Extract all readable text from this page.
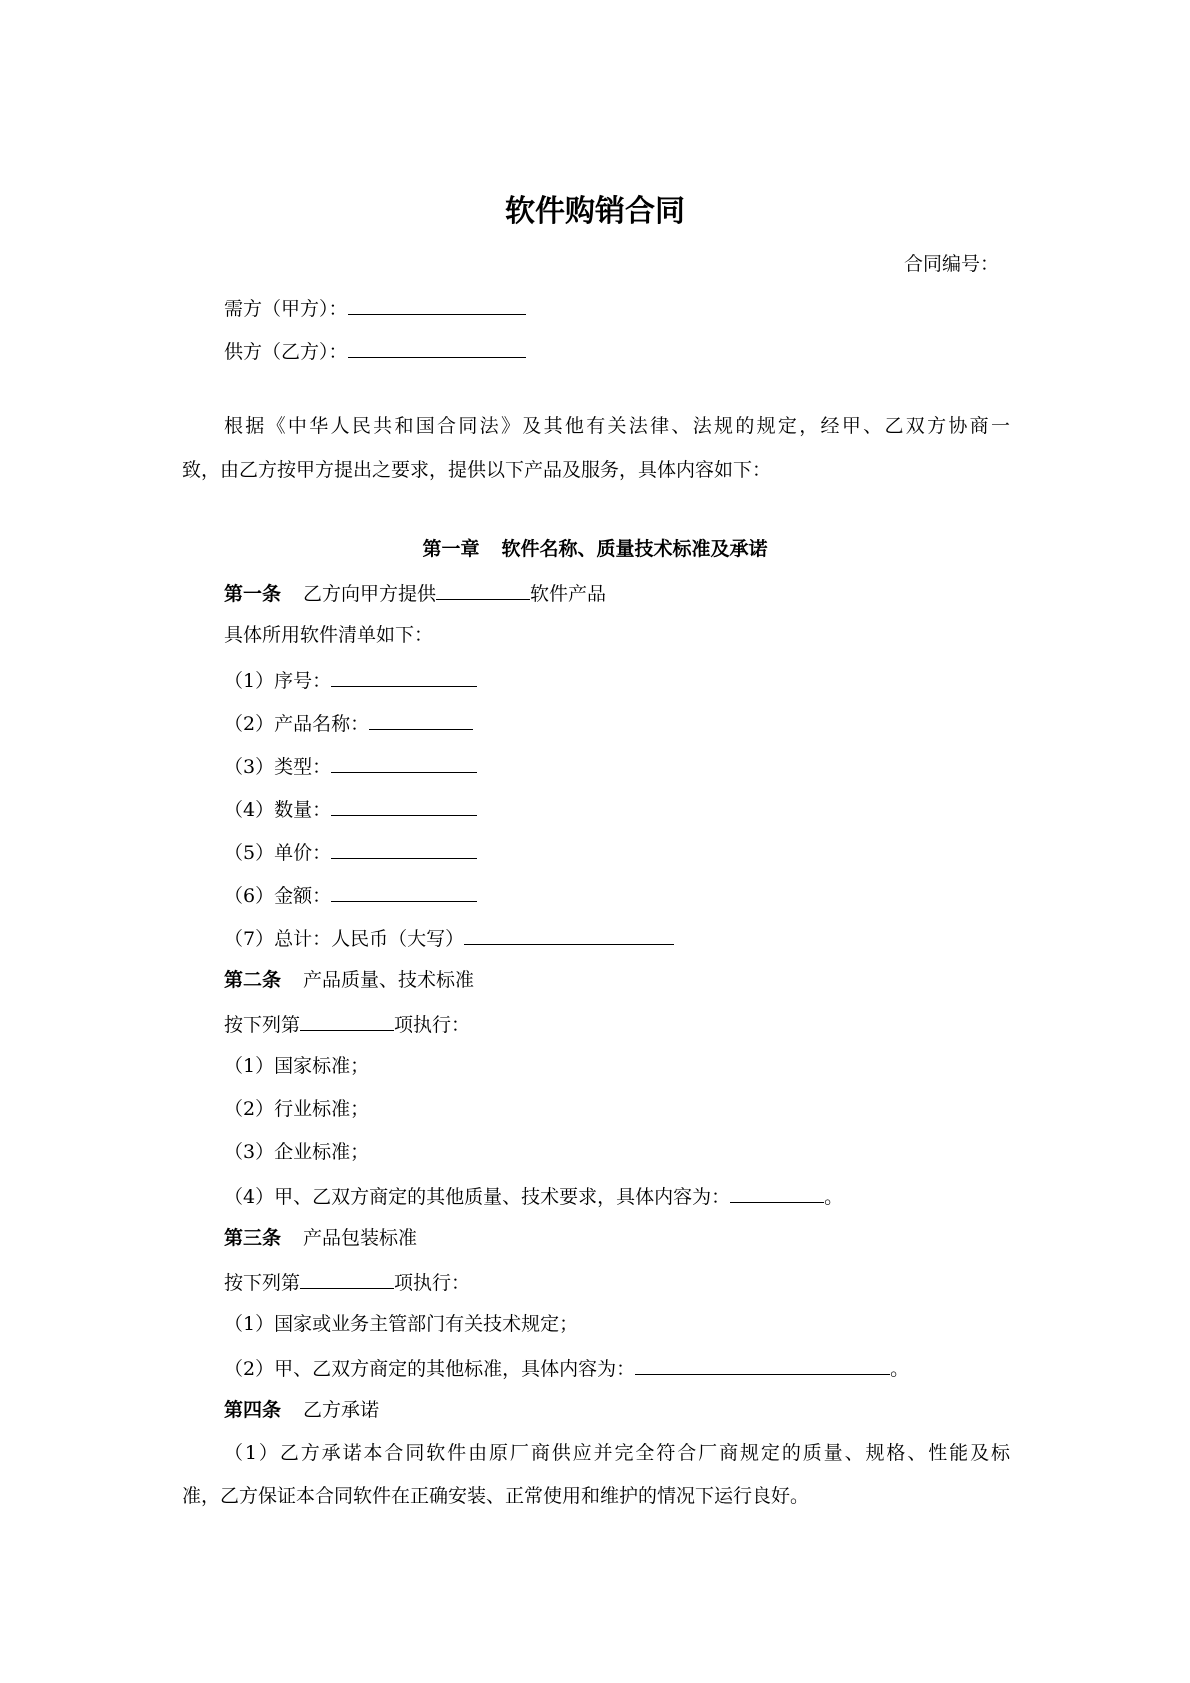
软件购销合同
合同编号：
需方（甲方）：
供方（乙方）：
根据《中华人民共和国合同法》及其他有关法律、法规的规定，经甲、乙双方协商一
致，由乙方按甲方提出之要求，提供以下产品及服务，具体内容如下：
第一章 软件名称、质量技术标准及承诺
第一条 乙方向甲方提供	软件产品
具体所用软件清单如下：
（1）序号：
（2）产品名称：
（3）类型：
（4）数量：
（5）单价：
（6）金额：
（7）总计：人民币（大写）
第二条 产品质量、技术标准
按下列第	项执行：
（1）国家标准；
（2）行业标准；
（3）企业标准；
（4）甲、乙双方商定的其他质量、技术要求，具体内容为：	。
第三条 产品包装标准
按下列第	项执行：
（1）国家或业务主管部门有关技术规定；
（2）甲、乙双方商定的其他标准，具体内容为：	。
第四条 乙方承诺
（1）乙方承诺本合同软件由原厂商供应并完全符合厂商规定的质量、规格、性能及标
准，乙方保证本合同软件在正确安装、正常使用和维护的情况下运行良好。
